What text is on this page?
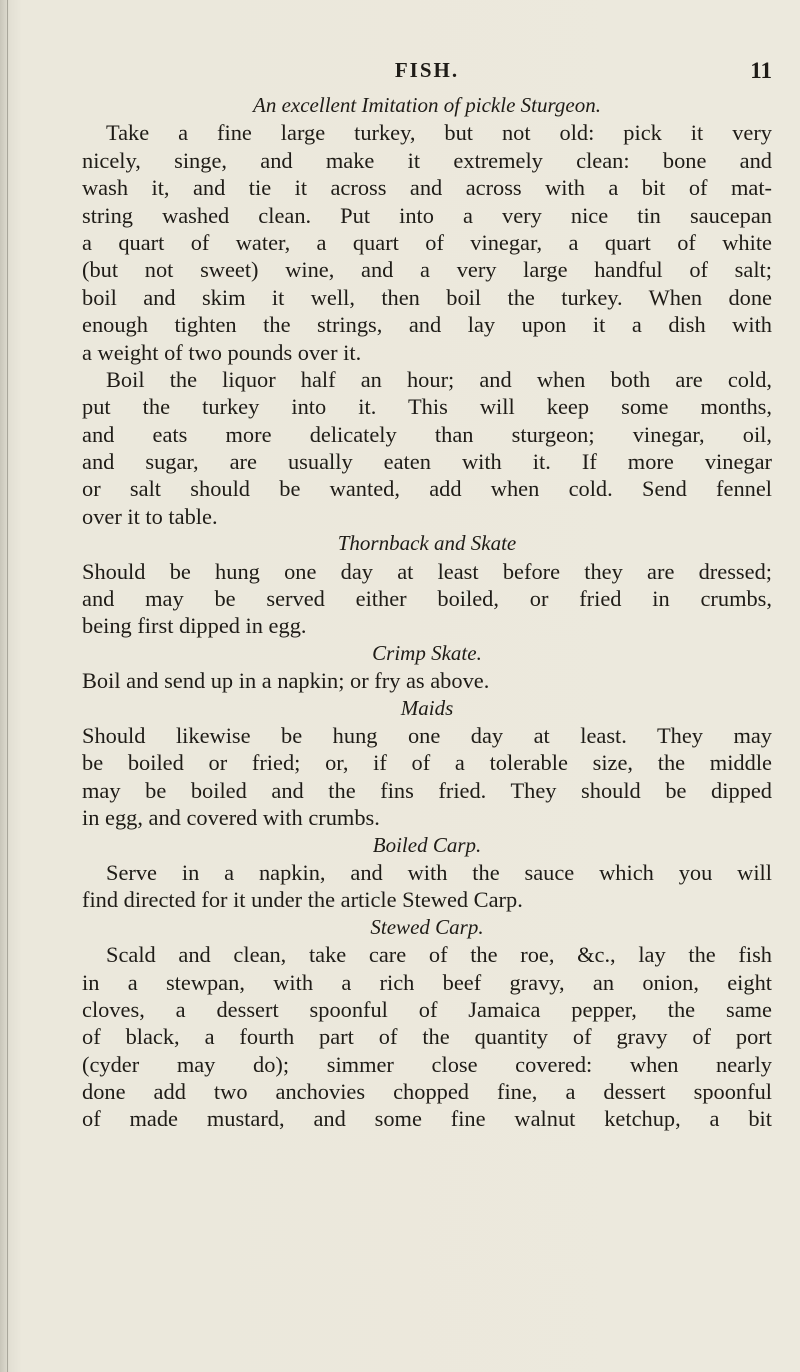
FISH.	11
An excellent Imitation of pickle Sturgeon.
Take a fine large turkey, but not old: pick it very
nicely, singe, and make it extremely clean: bone and
wash it, and tie it across and across with a bit of mat-
string washed clean. Put into a very nice tin saucepan
a quart of water, a quart of vinegar, a quart of white
(but not sweet) wine, and a very large handful of salt;
boil and skim it well, then boil the turkey. When done
enough tighten the strings, and lay upon it a dish with
a weight of two pounds over it.
Boil the liquor half an hour; and when both are cold,
put the turkey into it. This will keep some months,
and eats more delicately than sturgeon; vinegar, oil,
and sugar, are usually eaten with it. If more vinegar
or salt should be wanted, add when cold. Send fennel
over it to table.
Thornback and Skate
Should be hung one day at least before they are dressed;
and may be served either boiled, or fried in crumbs,
being first dipped in egg.
Crimp Skate.
Boil and send up in a napkin; or fry as above.
Maids
Should likewise be hung one day at least. They may
be boiled or fried; or, if of a tolerable size, the middle
may be boiled and the fins fried. They should be dipped
in egg, and covered with crumbs.
Boiled Carp.
Serve in a napkin, and with the sauce which you will
find directed for it under the article Stewed Carp.
Stewed Carp.
Scald and clean, take care of the roe, &c., lay the fish
in a stewpan, with a rich beef gravy, an onion, eight
cloves, a dessert spoonful of Jamaica pepper, the same
of black, a fourth part of the quantity of gravy of port
(cyder may do); simmer close covered: when nearly
done add two anchovies chopped fine, a dessert spoonful
of made mustard, and some fine walnut ketchup, a bit
